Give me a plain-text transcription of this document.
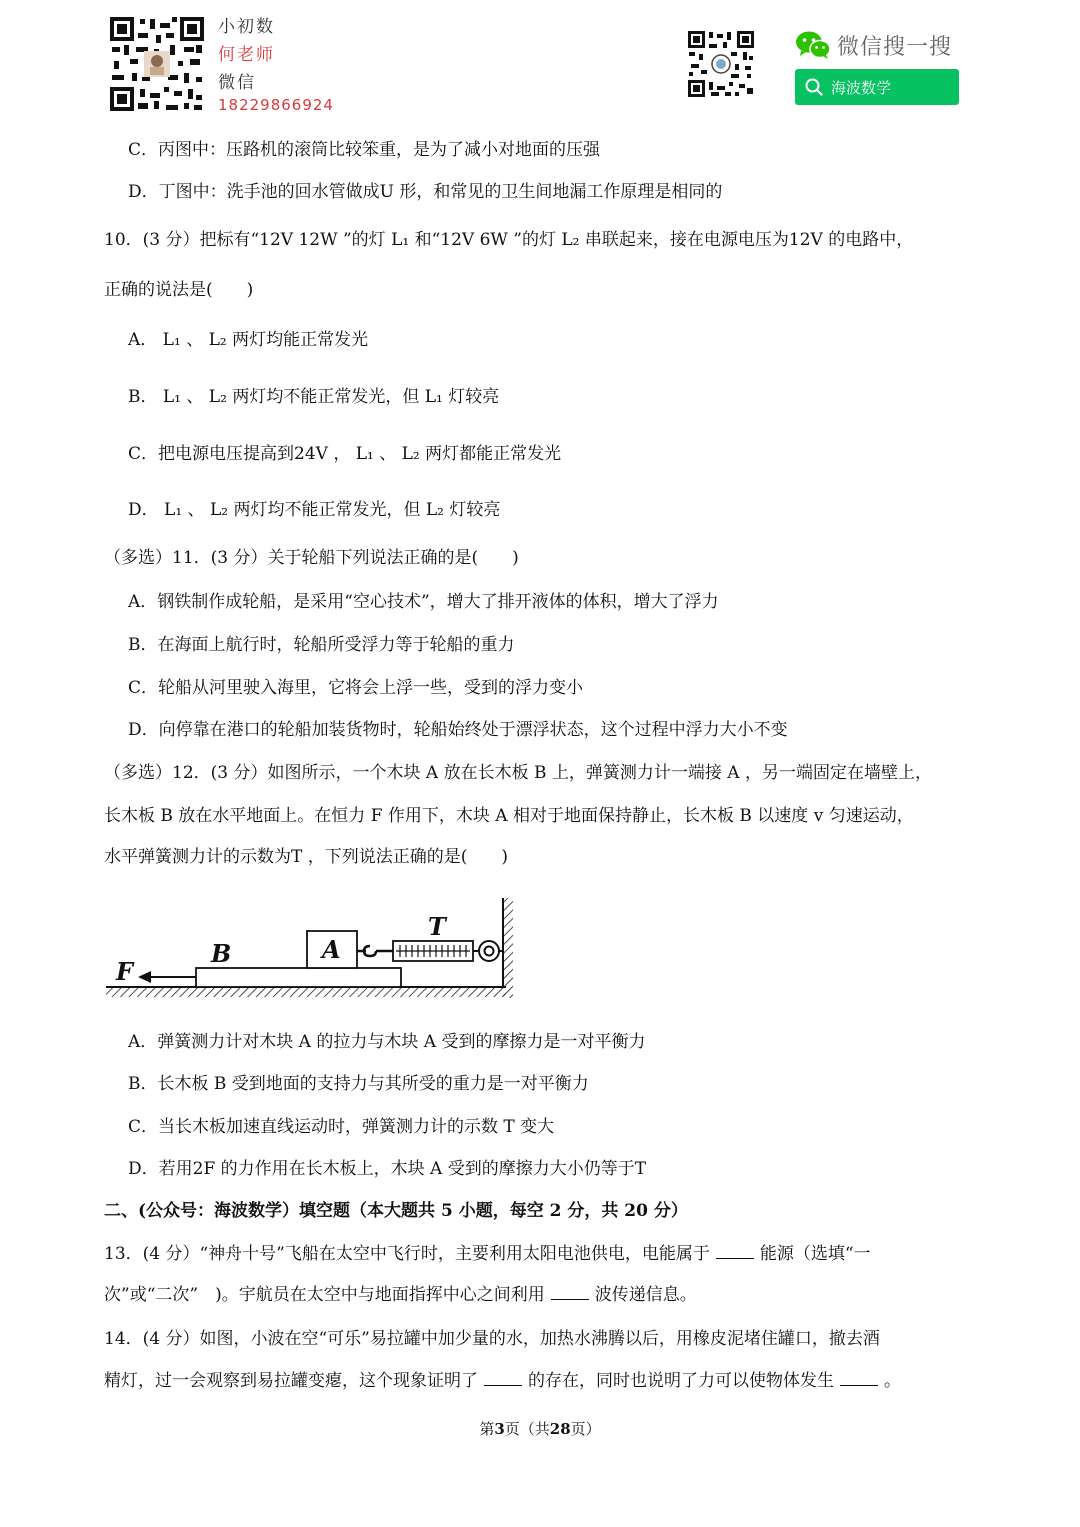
小初数
何老师
微信
18229866924
微信搜一搜
海波数学
C．丙图中：压路机的滚筒比较笨重，是为了减小对地面的压强
D．丁图中：洗手池的回水管做成U 形，和常见的卫生间地漏工作原理是相同的
10．(3 分）把标有“12V 12W ”的灯 L₁ 和“12V 6W ”的灯 L₂ 串联起来，接在电源电压为12V 的电路中，
正确的说法是(　　)
A． L₁ 、 L₂ 两灯均能正常发光
B． L₁ 、 L₂ 两灯均不能正常发光，但 L₁ 灯较亮
C．把电源电压提高到24V ， L₁ 、 L₂ 两灯都能正常发光
D． L₁ 、 L₂ 两灯均不能正常发光，但 L₂ 灯较亮
（多选）11．(3 分）关于轮船下列说法正确的是(　　)
A．钢铁制作成轮船，是采用“空心技术”，增大了排开液体的体积，增大了浮力
B．在海面上航行时，轮船所受浮力等于轮船的重力
C．轮船从河里驶入海里，它将会上浮一些，受到的浮力变小
D．向停靠在港口的轮船加装货物时，轮船始终处于漂浮状态，这个过程中浮力大小不变
（多选）12．(3 分）如图所示，一个木块 A 放在长木板 B 上，弹簧测力计一端接 A ，另一端固定在墙壁上，
长木板 B 放在水平地面上。在恒力 F 作用下，木块 A 相对于地面保持静止，长木板 B 以速度 v 匀速运动，
水平弹簧测力计的示数为T ，下列说法正确的是(　　)
A．弹簧测力计对木块 A 的拉力与木块 A 受到的摩擦力是一对平衡力
B．长木板 B 受到地面的支持力与其所受的重力是一对平衡力
C．当长木板加速直线运动时，弹簧测力计的示数 T 变大
D．若用2F 的力作用在长木板上，木块 A 受到的摩擦力大小仍等于T
二、(公众号：海波数学）填空题（本大题共 5 小题，每空 2 分，共 20 分）
13．(4 分）“神舟十号”飞船在太空中飞行时，主要利用太阳电池供电，电能属于	能源（选填“一
次”或“二次”　)。宇航员在太空中与地面指挥中心之间利用	波传递信息。
14．(4 分）如图，小波在空“可乐”易拉罐中加少量的水，加热水沸腾以后，用橡皮泥堵住罐口，撤去酒
精灯，过一会观察到易拉罐变瘪，这个现象证明了	的存在，同时也说明了力可以使物体发生	。
F
B	A
T
第3页（共28页）
